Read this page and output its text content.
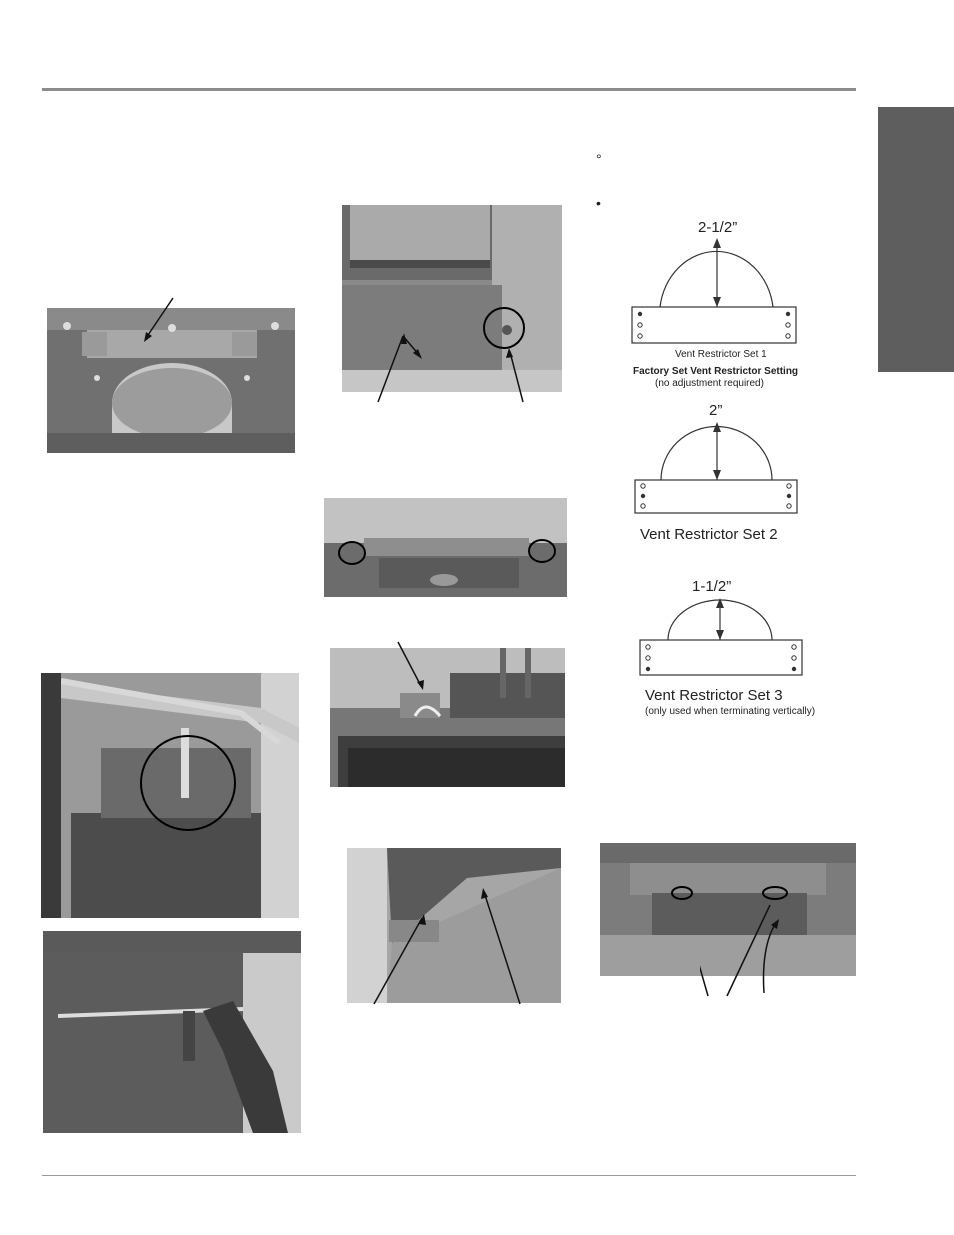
°
•
2-1/2”
Vent Restrictor Set 1
Factory Set Vent Restrictor Setting
(no adjustment required)
2”
Vent Restrictor Set 2
1-1/2”
Vent Restrictor Set 3
(only used when terminating vertically)
